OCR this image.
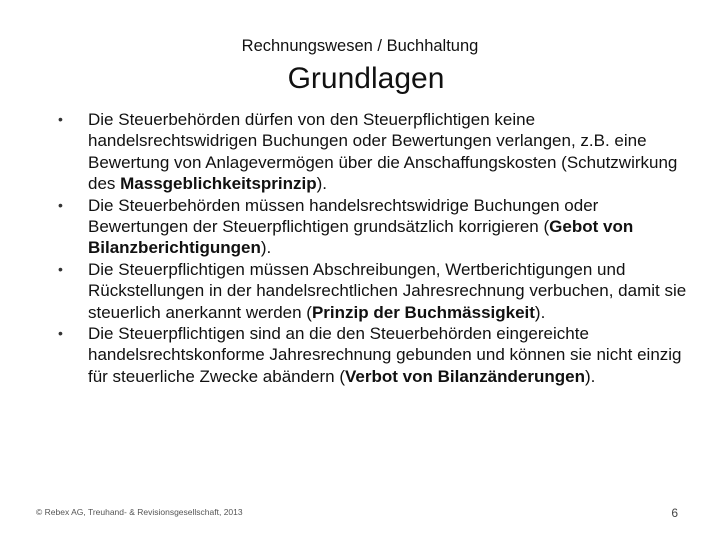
Rechnungswesen / Buchhaltung
Grundlagen
• Die Steuerbehörden dürfen von den Steuerpflichtigen keine handelsrechtswidrigen Buchungen oder Bewertungen verlangen, z.B. eine Bewertung von Anlagevermögen über die Anschaffungskosten (Schutzwirkung des Massgeblichkeitsprinzip).
• Die Steuerbehörden müssen handelsrechtswidrige Buchungen oder Bewertungen der Steuerpflichtigen grundsätzlich korrigieren (Gebot von Bilanzberichtigungen).
• Die Steuerpflichtigen müssen Abschreibungen, Wertberichtigungen und Rückstellungen in der handelsrechtlichen Jahresrechnung verbuchen, damit sie steuerlich anerkannt werden (Prinzip der Buchmässigkeit).
• Die Steuerpflichtigen sind an die den Steuerbehörden eingereichte handelsrechtskonforme Jahresrechnung gebunden und können sie nicht einzig für steuerliche Zwecke abändern (Verbot von Bilanzänderungen).
© Rebex AG, Treuhand- & Revisionsgesellschaft, 2013	6
